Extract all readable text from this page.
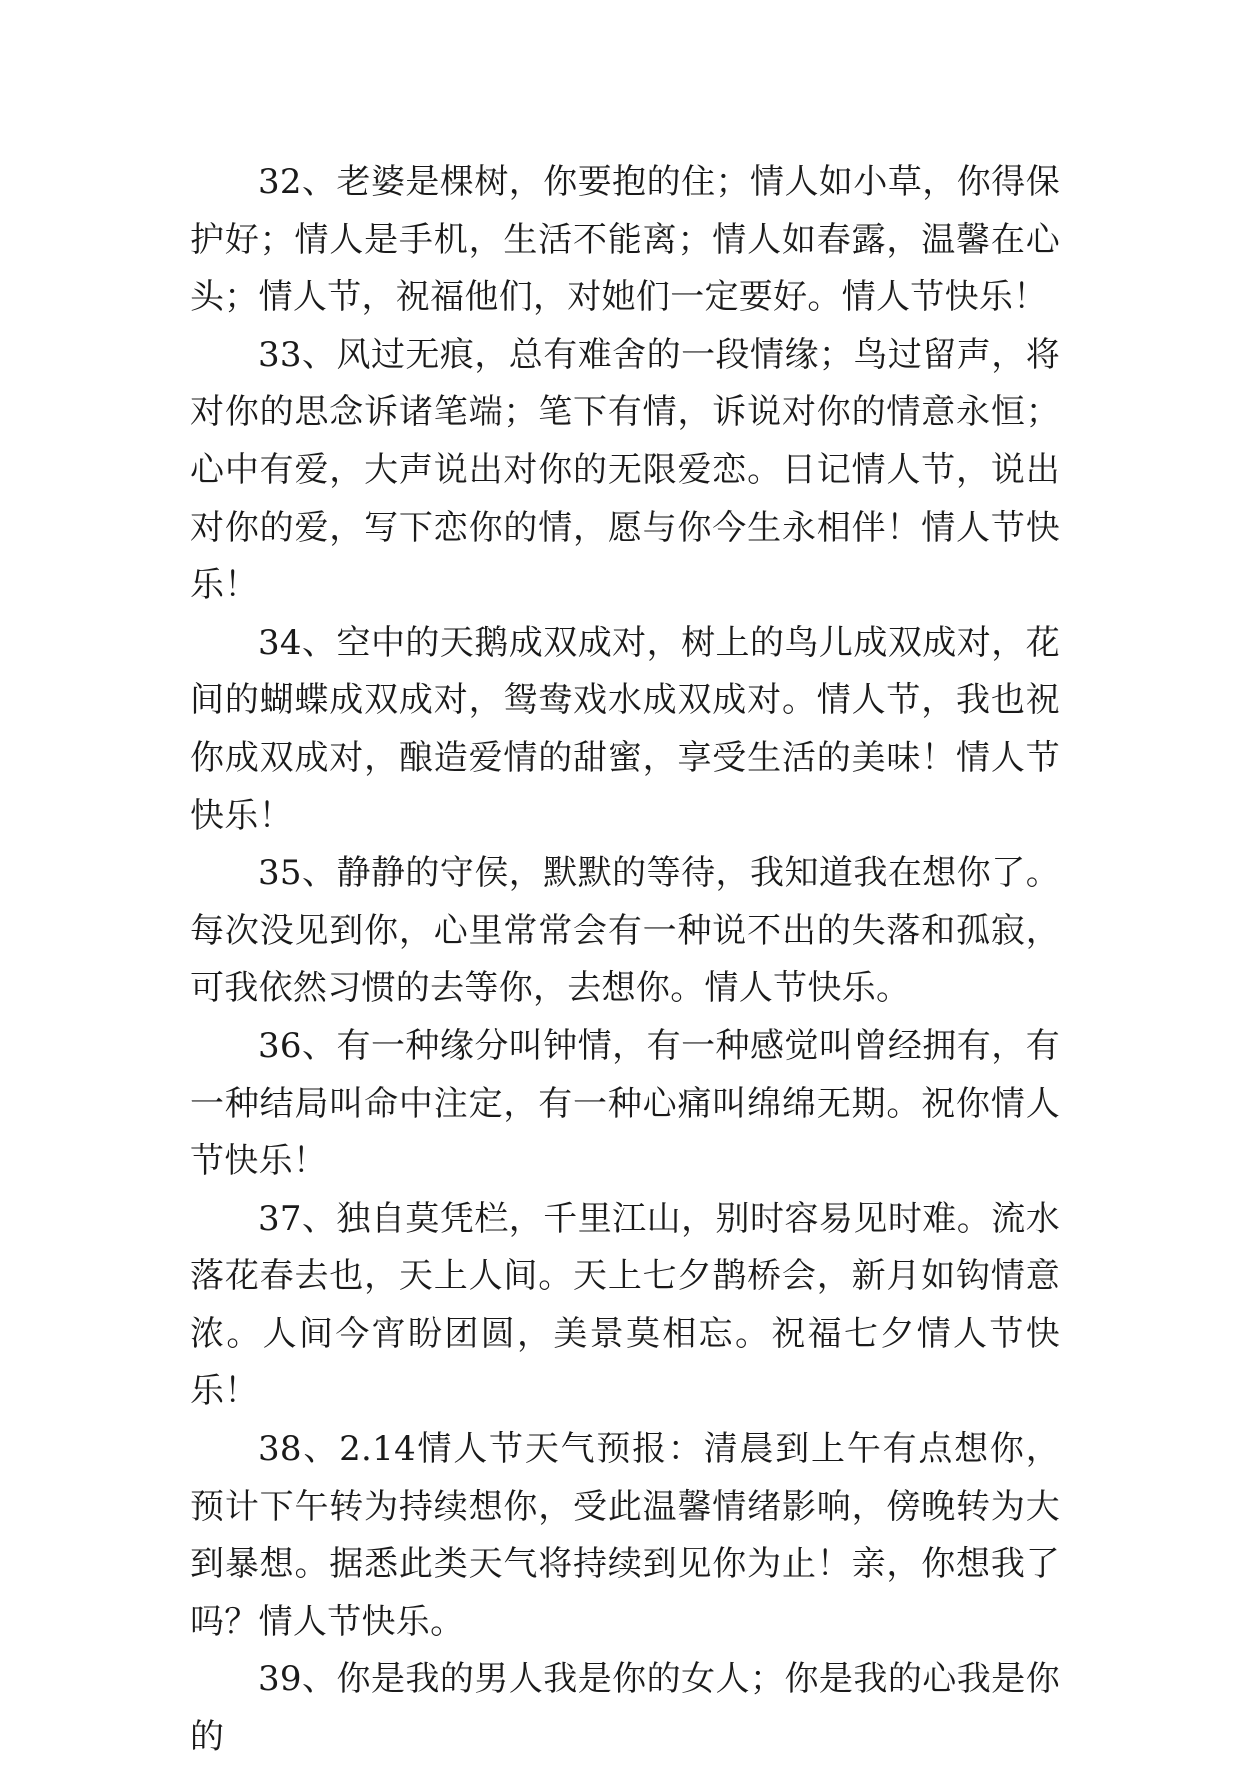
32、老婆是棵树，你要抱的住；情人如小草，你得保护好；情人是手机，生活不能离；情人如春露，温馨在心头；情人节，祝福他们，对她们一定要好。情人节快乐！

33、风过无痕，总有难舍的一段情缘；鸟过留声，将对你的思念诉诸笔端；笔下有情，诉说对你的情意永恒；心中有爱，大声说出对你的无限爱恋。日记情人节，说出对你的爱，写下恋你的情，愿与你今生永相伴！情人节快乐！

34、空中的天鹅成双成对，树上的鸟儿成双成对，花间的蝴蝶成双成对，鸳鸯戏水成双成对。情人节，我也祝你成双成对，酿造爱情的甜蜜，享受生活的美味！情人节快乐！

35、静静的守侯，默默的等待，我知道我在想你了。每次没见到你，心里常常会有一种说不出的失落和孤寂，可我依然习惯的去等你，去想你。情人节快乐。

36、有一种缘分叫钟情，有一种感觉叫曾经拥有，有一种结局叫命中注定，有一种心痛叫绵绵无期。祝你情人节快乐！

37、独自莫凭栏，千里江山，别时容易见时难。流水落花春去也，天上人间。天上七夕鹊桥会，新月如钩情意浓。人间今宵盼团圆，美景莫相忘。祝福七夕情人节快乐！

38、2.14情人节天气预报：清晨到上午有点想你，预计下午转为持续想你，受此温馨情绪影响，傍晚转为大到暴想。据悉此类天气将持续到见你为止！亲，你想我了吗？情人节快乐。

39、你是我的男人我是你的女人；你是我的心我是你的
